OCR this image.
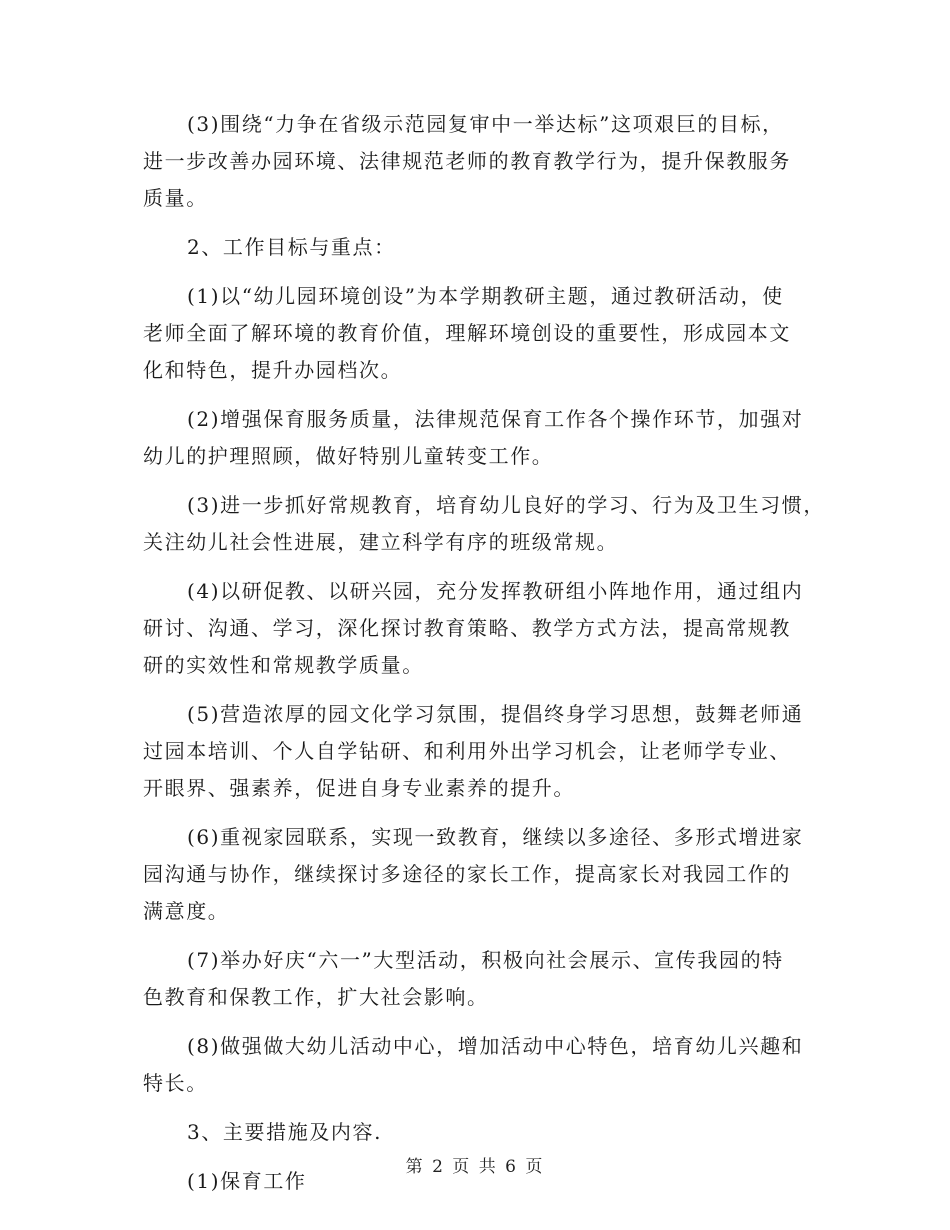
(3)围绕“力争在省级示范园复审中一举达标”这项艰巨的目标，
进一步改善办园环境、法律规范老师的教育教学行为，提升保教服务
质量。

2、工作目标与重点：

(1)以“幼儿园环境创设”为本学期教研主题，通过教研活动，使
老师全面了解环境的教育价值，理解环境创设的重要性，形成园本文
化和特色，提升办园档次。

(2)增强保育服务质量，法律规范保育工作各个操作环节，加强对
幼儿的护理照顾，做好特别儿童转变工作。

(3)进一步抓好常规教育，培育幼儿良好的学习、行为及卫生习惯，
关注幼儿社会性进展，建立科学有序的班级常规。

(4)以研促教、以研兴园，充分发挥教研组小阵地作用，通过组内
研讨、沟通、学习，深化探讨教育策略、教学方式方法，提高常规教
研的实效性和常规教学质量。

(5)营造浓厚的园文化学习氛围，提倡终身学习思想，鼓舞老师通
过园本培训、个人自学钻研、和利用外出学习机会，让老师学专业、
开眼界、强素养，促进自身专业素养的提升。

(6)重视家园联系，实现一致教育，继续以多途径、多形式增进家
园沟通与协作，继续探讨多途径的家长工作，提高家长对我园工作的
满意度。

(7)举办好庆“六一”大型活动，积极向社会展示、宣传我园的特
色教育和保教工作，扩大社会影响。

(8)做强做大幼儿活动中心，增加活动中心特色，培育幼儿兴趣和
特长。

3、主要措施及内容.

(1)保育工作

第 2 页 共 6 页
